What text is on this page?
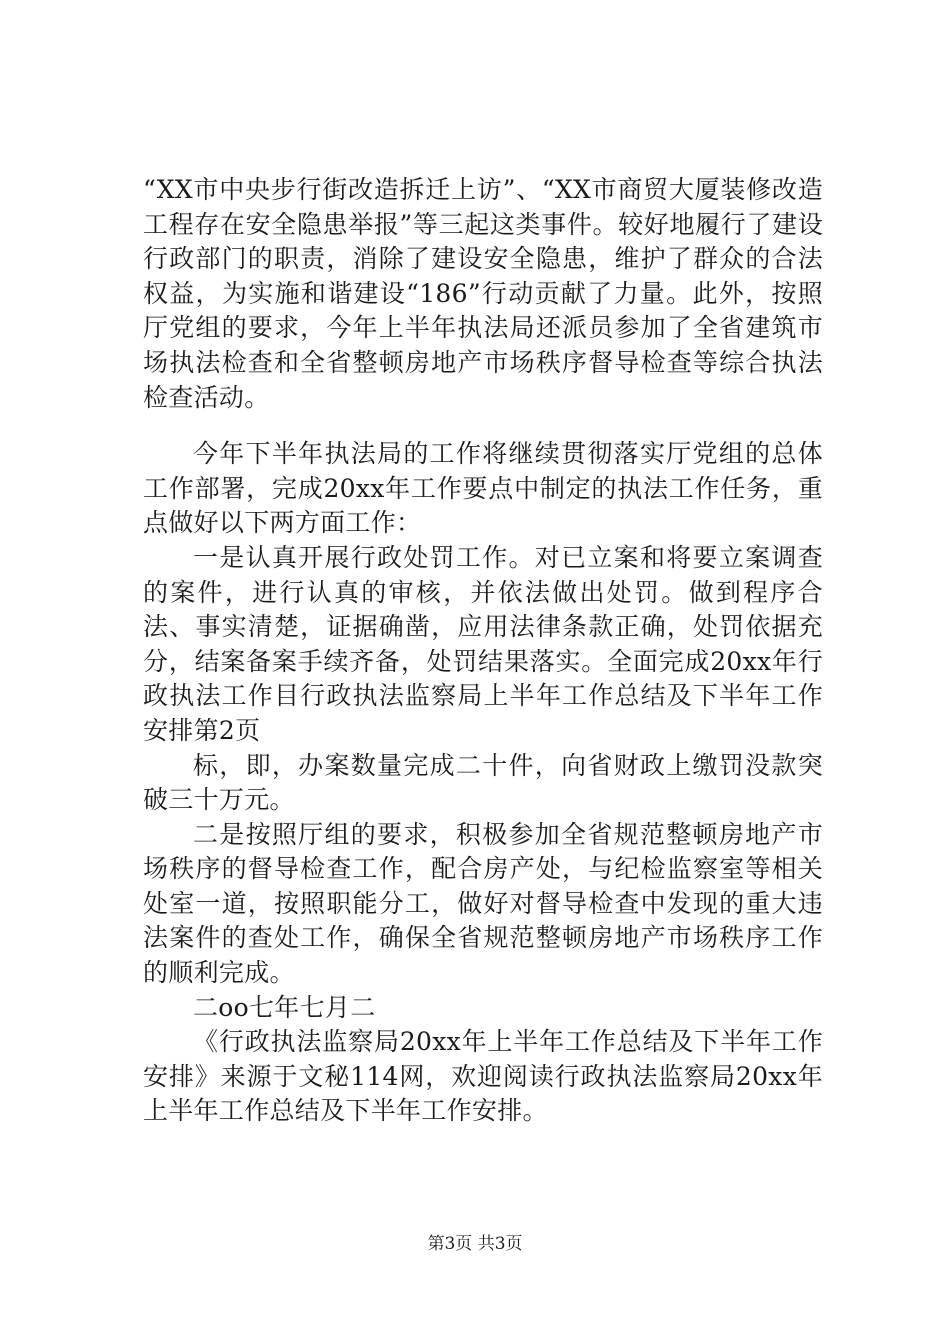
“XX市中央步行街改造拆迁上访”、“XX市商贸大厦装修改造工程存在安全隐患举报”等三起这类事件。较好地履行了建设行政部门的职责，消除了建设安全隐患，维护了群众的合法权益，为实施和谐建设“186”行动贡献了力量。此外，按照厅党组的要求，今年上半年执法局还派员参加了全省建筑市场执法检查和全省整顿房地产市场秩序督导检查等综合执法检查活动。

今年下半年执法局的工作将继续贯彻落实厅党组的总体工作部署，完成20xx年工作要点中制定的执法工作任务，重点做好以下两方面工作：

一是认真开展行政处罚工作。对已立案和将要立案调查的案件，进行认真的审核，并依法做出处罚。做到程序合法、事实清楚，证据确凿，应用法律条款正确，处罚依据充分，结案备案手续齐备，处罚结果落实。全面完成20xx年行政执法工作目行政执法监察局上半年工作总结及下半年工作安排第2页

标，即，办案数量完成二十件，向省财政上缴罚没款突破三十万元。

二是按照厅组的要求，积极参加全省规范整顿房地产市场秩序的督导检查工作，配合房产处，与纪检监察室等相关处室一道，按照职能分工，做好对督导检查中发现的重大违法案件的查处工作，确保全省规范整顿房地产市场秩序工作的顺利完成。

二oo七年七月二

《行政执法监察局20xx年上半年工作总结及下半年工作安排》来源于文秘114网，欢迎阅读行政执法监察局20xx年上半年工作总结及下半年工作安排。

第3页 共3页
